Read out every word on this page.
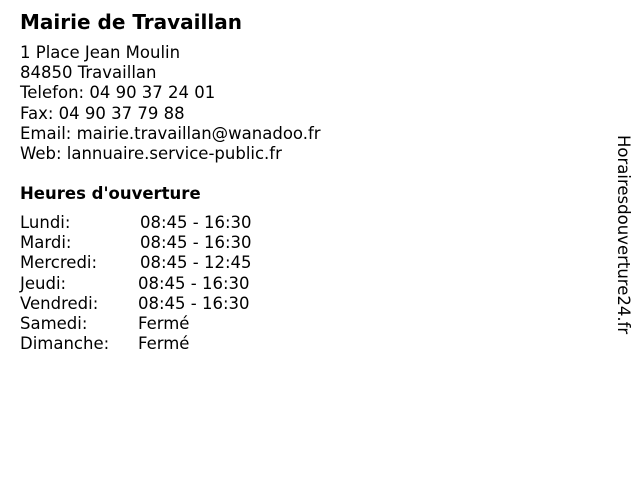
Mairie de Travaillan
1 Place Jean Moulin
84850 Travaillan
Telefon: 04 90 37 24 01
Fax: 04 90 37 79 88
Email: mairie.travaillan@wanadoo.fr
Web: lannuaire.service-public.fr
Heures d'ouverture
Lundi:	08:45 - 16:30
Mardi:	08:45 - 16:30
Mercredi:	08:45 - 12:45
Jeudi:	08:45 - 16:30
Vendredi: 08:45 - 16:30
Samedi:	Fermé
Dimanche: Fermé
Horairesdouverture24.fr
